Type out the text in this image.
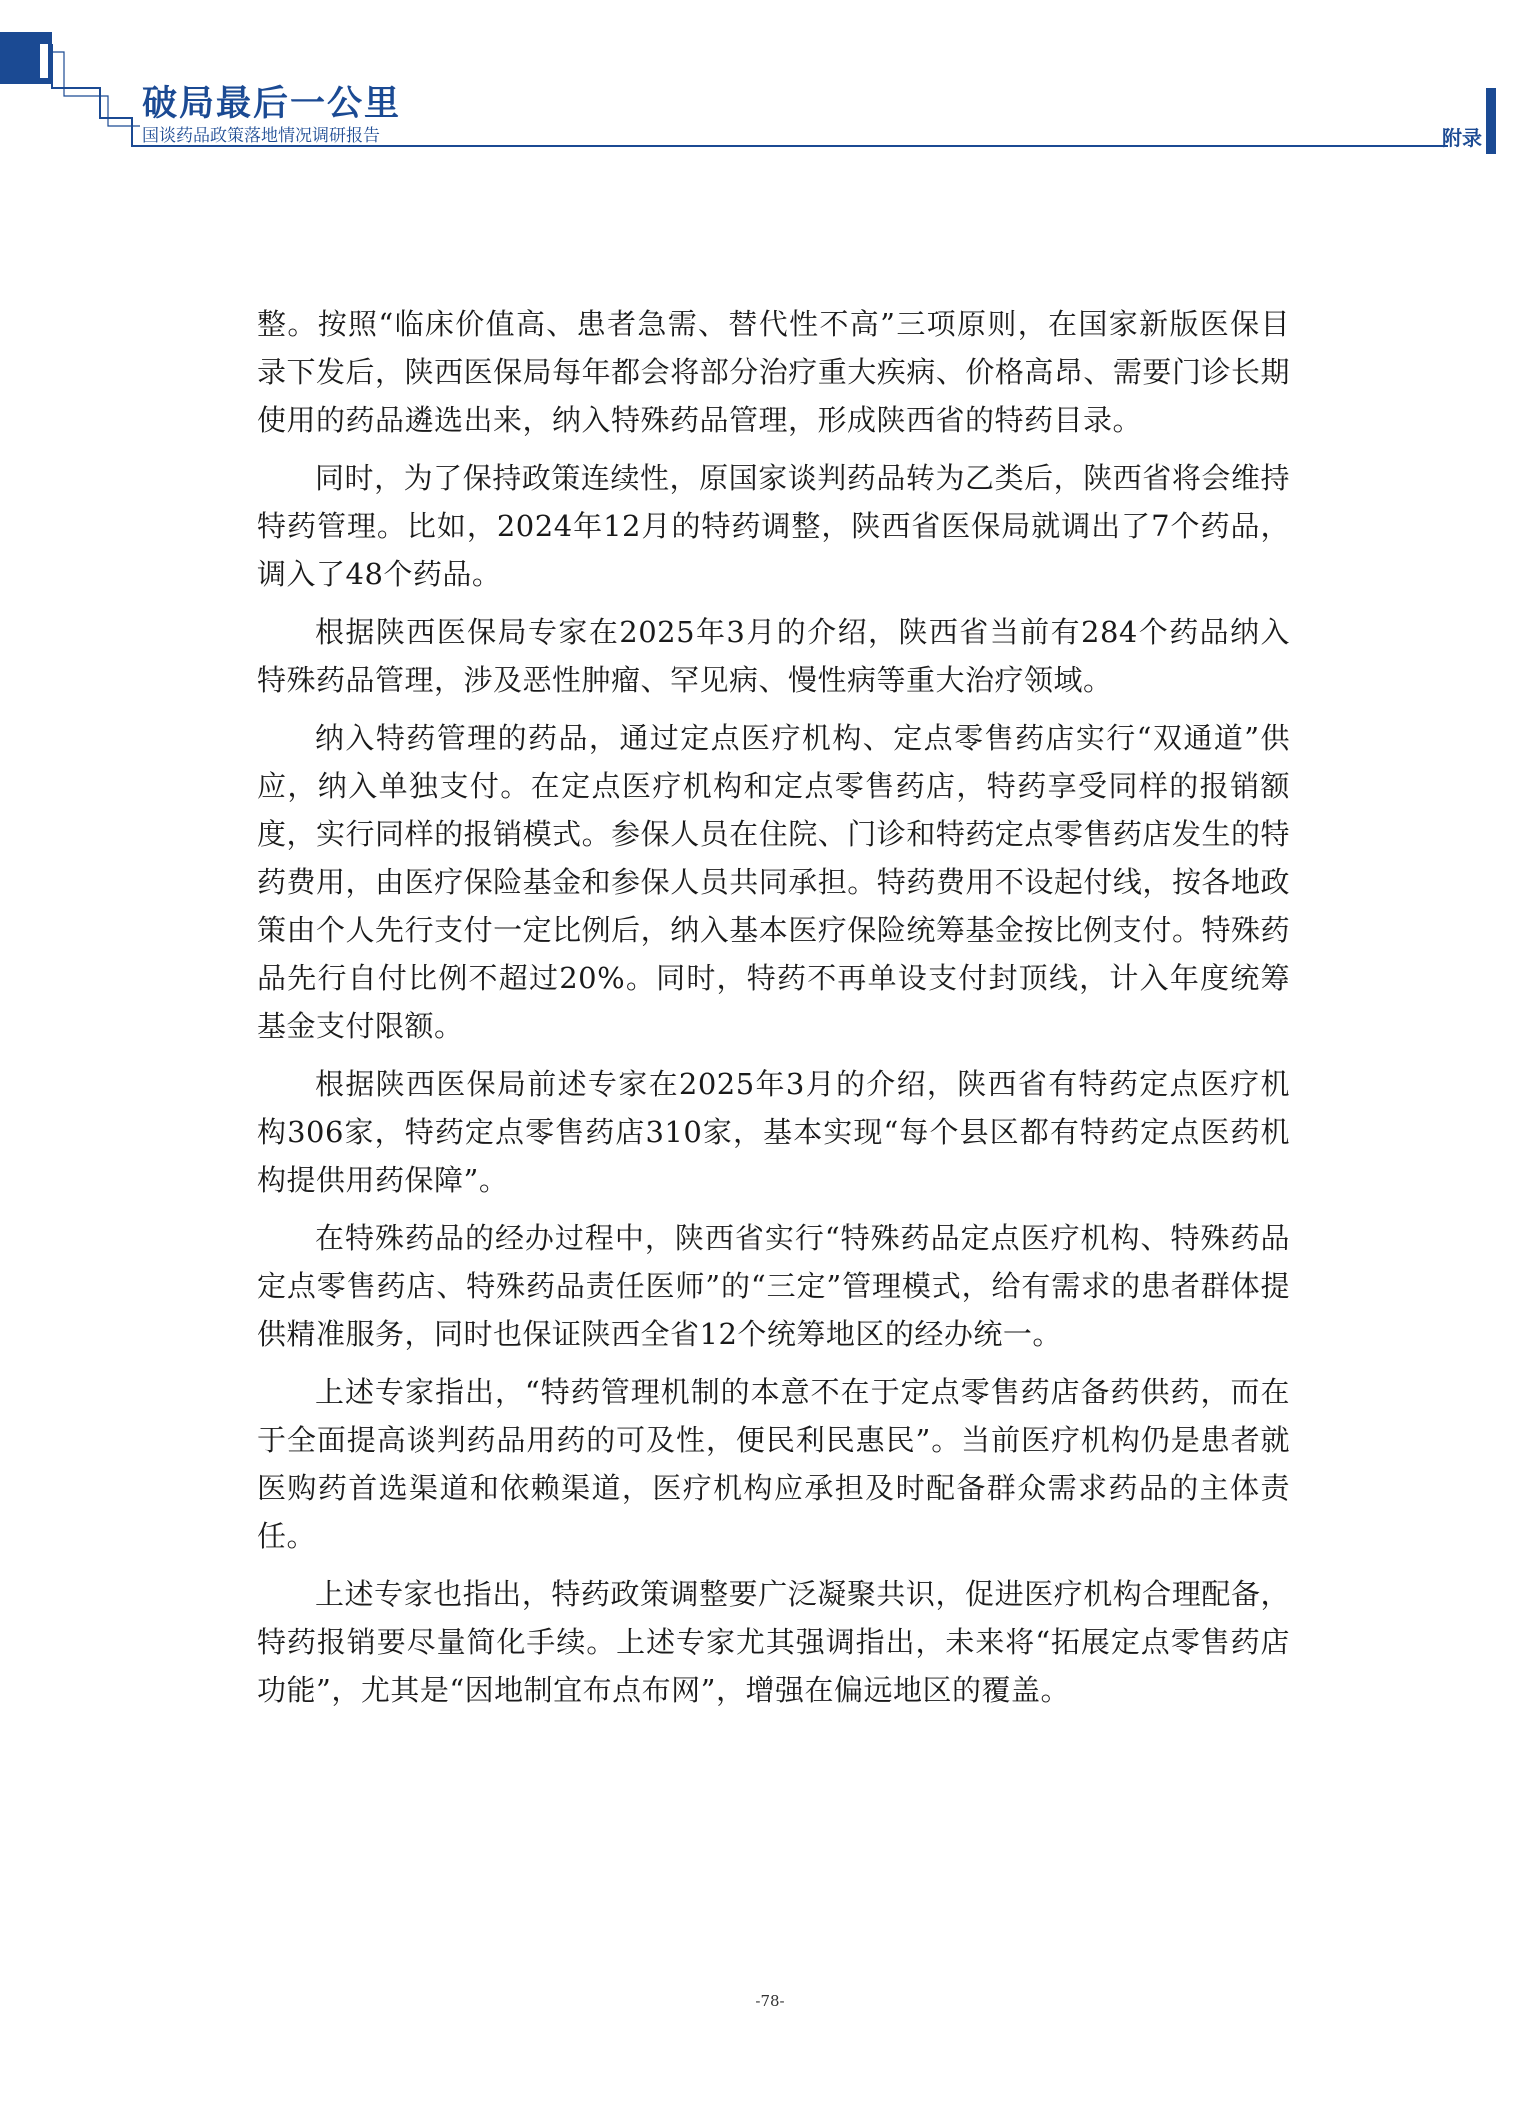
破局最后一公里
国谈药品政策落地情况调研报告	附录

整。按照“临床价值高、患者急需、替代性不高”三项原则，在国家新版医保目录下发后，陕西医保局每年都会将部分治疗重大疾病、价格高昂、需要门诊长期使用的药品遴选出来，纳入特殊药品管理，形成陕西省的特药目录。

同时，为了保持政策连续性，原国家谈判药品转为乙类后，陕西省将会维持特药管理。比如，2024年12月的特药调整，陕西省医保局就调出了7个药品，调入了48个药品。

根据陕西医保局专家在2025年3月的介绍，陕西省当前有284个药品纳入特殊药品管理，涉及恶性肿瘤、罕见病、慢性病等重大治疗领域。

纳入特药管理的药品，通过定点医疗机构、定点零售药店实行“双通道”供应，纳入单独支付。在定点医疗机构和定点零售药店，特药享受同样的报销额度，实行同样的报销模式。参保人员在住院、门诊和特药定点零售药店发生的特药费用，由医疗保险基金和参保人员共同承担。特药费用不设起付线，按各地政策由个人先行支付一定比例后，纳入基本医疗保险统筹基金按比例支付。特殊药品先行自付比例不超过20%。同时，特药不再单设支付封顶线，计入年度统筹基金支付限额。

根据陕西医保局前述专家在2025年3月的介绍，陕西省有特药定点医疗机构306家，特药定点零售药店310家，基本实现“每个县区都有特药定点医药机构提供用药保障”。

在特殊药品的经办过程中，陕西省实行“特殊药品定点医疗机构、特殊药品定点零售药店、特殊药品责任医师”的“三定”管理模式，给有需求的患者群体提供精准服务，同时也保证陕西全省12个统筹地区的经办统一。

上述专家指出，“特药管理机制的本意不在于定点零售药店备药供药，而在于全面提高谈判药品用药的可及性，便民利民惠民”。当前医疗机构仍是患者就医购药首选渠道和依赖渠道，医疗机构应承担及时配备群众需求药品的主体责任。

上述专家也指出，特药政策调整要广泛凝聚共识，促进医疗机构合理配备，特药报销要尽量简化手续。上述专家尤其强调指出，未来将“拓展定点零售药店功能”，尤其是“因地制宜布点布网”，增强在偏远地区的覆盖。

-78-
